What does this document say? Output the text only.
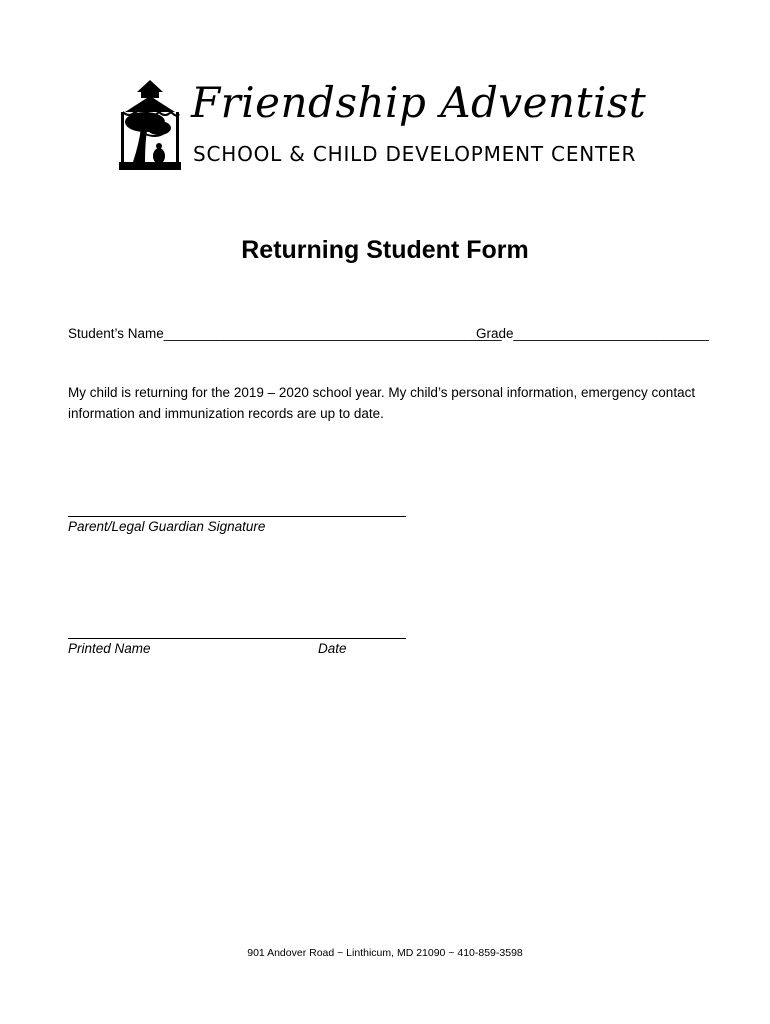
Friendship Adventist
SCHOOL & CHILD DEVELOPMENT CENTER
Returning Student Form
Student’s Name_____________________________________________
Grade__________________________
My child is returning for the 2019 – 2020 school year. My child’s personal information, emergency contact information and immunization records are up to date.
Parent/Legal Guardian Signature
Printed Name	Date
901 Andover Road ~ Linthicum, MD 21090 ~ 410-859-3598
